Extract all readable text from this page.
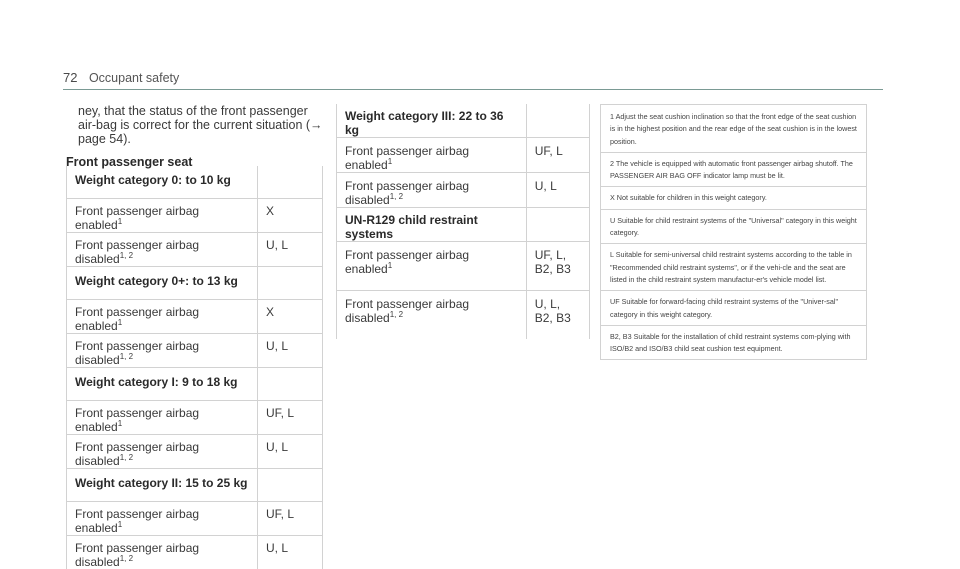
72 Occupant safety
ney, that the status of the front passenger air-bag is correct for the current situation (→ page 54).
Front passenger seat
Weight category 0: to 10 kg	
Front passenger airbag enabled$^1$	X
Front passenger airbag disabled$^{1, 2}$	U, L
Weight category 0+: to 13 kg	
Front passenger airbag enabled$^1$	X
Front passenger airbag disabled$^{1, 2}$	U, L
Weight category I: 9 to 18 kg	
Front passenger airbag enabled$^1$	UF, L
Front passenger airbag disabled$^{1, 2}$	U, L
Weight category II: 15 to 25 kg	
Front passenger airbag enabled$^1$	UF, L
Front passenger airbag disabled$^{1, 2}$	U, L
Weight category III: 22 to 36 kg	
Front passenger airbag enabled$^1$	UF, L
Front passenger airbag disabled$^{1, 2}$	U, L
UN-R129 child restraint systems	
Front passenger airbag enabled$^1$	UF, L, B2, B3
Front passenger airbag disabled$^{1, 2}$	U, L, B2, B3
1 Adjust the seat cushion inclination so that the front edge of the seat cushion is in the highest position and the rear edge of the seat cushion is in the lowest position.
2 The vehicle is equipped with automatic front passenger airbag shutoff. The PASSENGER AIR BAG OFF indicator lamp must be lit.
X Not suitable for children in this weight category.
U Suitable for child restraint systems of the "Universal" category in this weight category.
L Suitable for semi-universal child restraint systems according to the table in "Recommended child restraint systems", or if the vehi-cle and the seat are listed in the child restraint system manufactur-er's vehicle model list.
UF Suitable for forward-facing child restraint systems of the "Univer-sal" category in this weight category.
B2, B3 Suitable for the installation of child restraint systems com-plying with ISO/B2 and ISO/B3 child seat cushion test equipment.
